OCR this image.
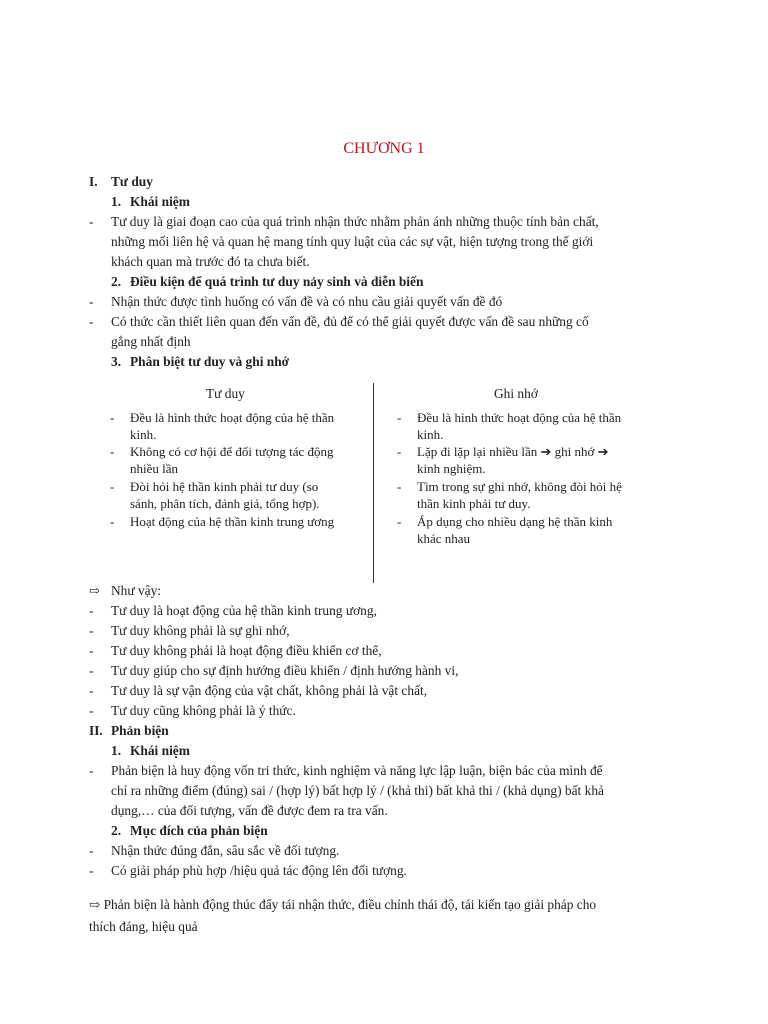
CHƯƠNG 1
I. Tư duy
1. Khái niệm
- Tư duy là giai đoạn cao của quá trình nhận thức nhằm phản ánh những thuộc tính bản chất,
những mối liên hệ và quan hệ mang tính quy luật của các sự vật, hiện tượng trong thế giới
khách quan mà trước đó ta chưa biết.
2. Điều kiện để quá trình tư duy nảy sinh và diễn biến
- Nhận thức được tình huống có vấn đề và có nhu cầu giải quyết vấn đề đó
- Có thức cần thiết liên quan đến vấn đề, đủ để có thể giải quyết được vấn đề sau những cố
gắng nhất định
3. Phân biệt tư duy và ghi nhớ
Tư duy	Ghi nhớ
- Đều là hình thức hoạt động của hệ thần
kinh.
- Không có cơ hội để đối tượng tác động
nhiều lần
- Đòi hỏi hệ thần kinh phải tư duy (so
sánh, phân tích, đánh giá, tổng hợp).
- Hoạt động của hệ thần kinh trung ương
- Đều là hình thức hoạt động của hệ thần
kinh.
- Lặp đi lặp lại nhiều lần ➔ ghi nhớ ➔
kinh nghiệm.
- Tìm trong sự ghi nhớ, không đòi hỏi hệ
thần kinh phải tư duy.
- Áp dụng cho nhiều dạng hệ thần kinh
khác nhau
⇨ Như vậy:
- Tư duy là hoạt động của hệ thần kinh trung ương,
- Tư duy không phải là sự ghi nhớ,
- Tư duy không phải là hoạt động điều khiển cơ thể,
- Tư duy giúp cho sự định hướng điều khiển / định hướng hành vi,
- Tư duy là sự vận động của vật chất, không phải là vật chất,
- Tư duy cũng không phải là ý thức.
II. Phản biện
1. Khái niệm
- Phản biện là huy động vốn tri thức, kinh nghiệm và năng lực lập luận, biện bác của mình để
chỉ ra những điểm (đúng) sai / (hợp lý) bất hợp lý / (khả thi) bất khả thi / (khả dụng) bất khả
dụng,… của đối tượng, vấn đề được đem ra tra vấn.
2. Mục đích của phản biện
- Nhận thức đúng đắn, sâu sắc về đối tượng.
- Có giải pháp phù hợp /hiệu quả tác động lên đối tượng.
⇨ Phản biện là hành động thúc đẩy tái nhận thức, điều chỉnh thái độ, tái kiến tạo giải pháp cho
thích đáng, hiệu quả
